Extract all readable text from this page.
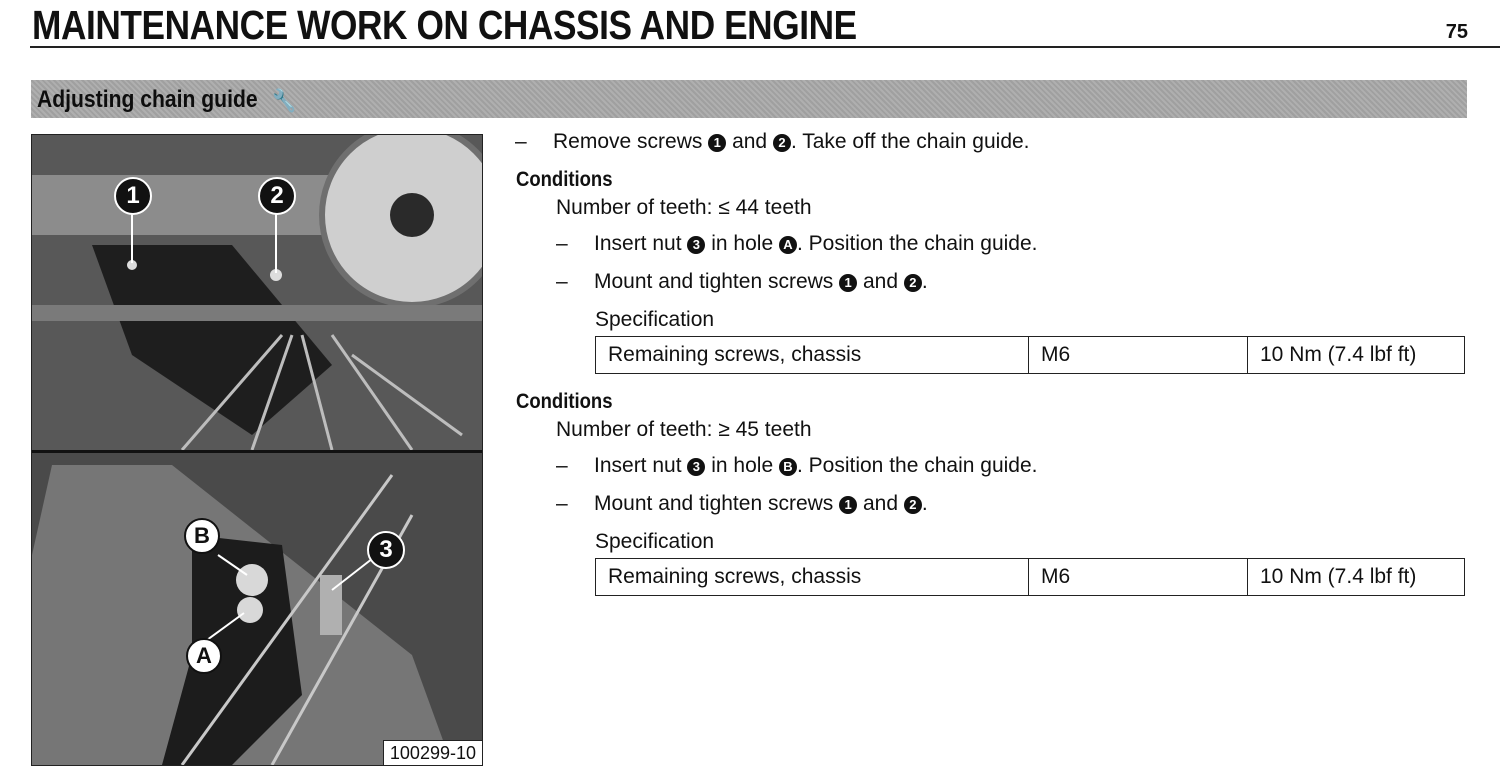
MAINTENANCE WORK ON CHASSIS AND ENGINE	75
Adjusting chain guide 🔧
1	2
B
3
A
100299-10
– Remove screws 1 and 2 . Take off the chain guide.
Conditions
Number of teeth: ≤ 44 teeth
– Insert nut 3 in hole A . Position the chain guide.
– Mount and tighten screws 1 and 2 .
Specification
Remaining screws, chassis	M6	10 Nm (7.4 lbf ft)
Conditions
Number of teeth: ≥ 45 teeth
– Insert nut 3 in hole B . Position the chain guide.
– Mount and tighten screws 1 and 2 .
Specification
Remaining screws, chassis	M6	10 Nm (7.4 lbf ft)
